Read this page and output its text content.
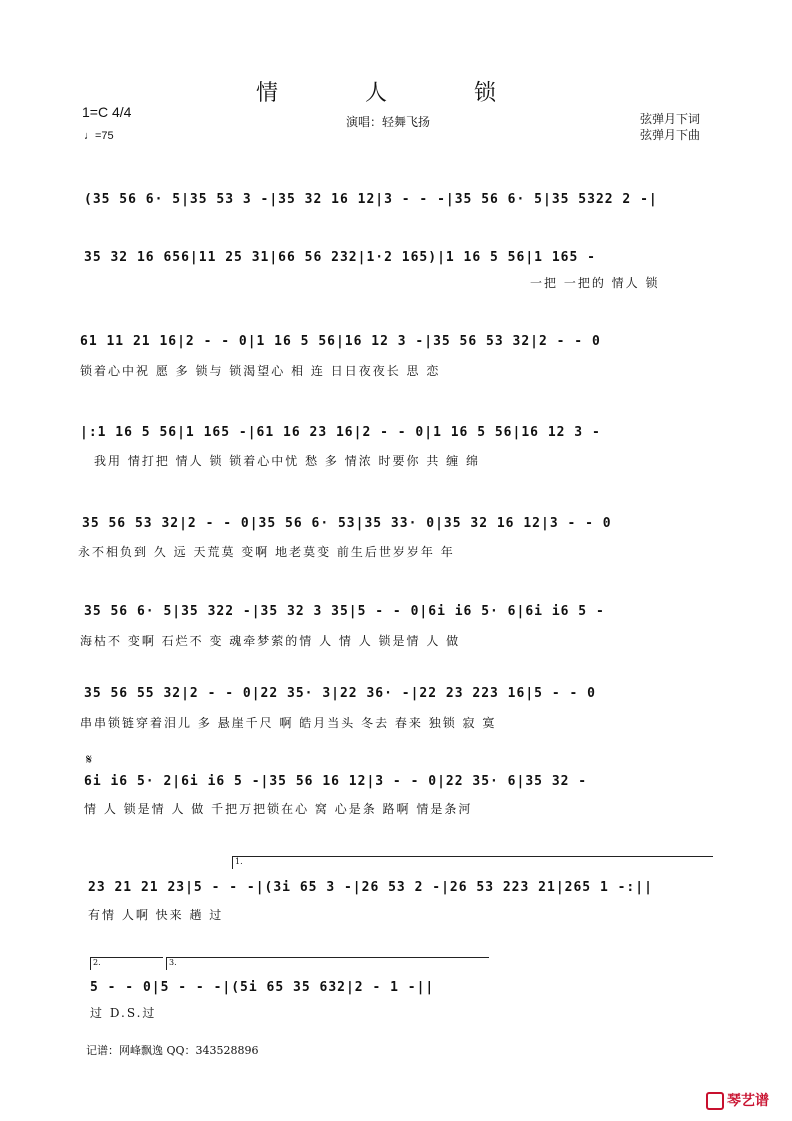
情 人 锁
1=C 4/4
♩=75
演唱：轻舞飞扬	弦弹月下词
弦弹月下曲
(35 56 6· 5|35 53 3 -|35 32 16 12|3 - - -|35 56 6· 5|35 5322 2 -|
35 32 16 656|11 25 31|66 56 232|1·2 165)|1 16 5 56|1 165 -
一把 一把的 情人 锁
61 11 21 16|2 - - 0|1 16 5 56|16 12 3 -|35 56 53 32|2 - - 0
锁着心中祝 愿 多 锁与 锁渴望心 相 连 日日夜夜长 思 恋
|:1 16 5 56|1 165 -|61 16 23 16|2 - - 0|1 16 5 56|16 12 3 -
我用 情打把 情人 锁 锁着心中忧 愁 多 情浓 时要你 共 缠 绵
35 56 53 32|2 - - 0|35 56 6· 53|35 33· 0|35 32 16 12|3 - - 0
永不相负到 久 远 天荒莫 变啊 地老莫变 前生后世岁岁年 年
35 56 6· 5|35 322 -|35 32 3 35|5 - - 0|6i i6 5· 6|6i i6 5 -
海枯不 变啊 石烂不 变 魂牵梦萦的情 人 情 人 锁是情 人 做
35 56 55 32|2 - - 0|22 35· 3|22 36· -|22 23 223 16|5 - - 0
串串锁链穿着泪儿 多 悬崖千尺 啊 皓月当头 冬去 春来 独锁 寂 寞
𝄋
6i i6 5· 2|6i i6 5 -|35 56 16 12|3 - - 0|22 35· 6|35 32 -
情 人 锁是情 人 做 千把万把锁在心 窝 心是条 路啊 情是条河
1.
23 21 21 23|5 - - -|(3i 65 3 -|26 53 2 -|26 53 223 21|265 1 -:||
有情 人啊 快来 趟 过
2.	3.
5 - - 0|5 - - -|(5i 65 35 632|2 - 1 -||
过 D.S.过
记谱：网峰飘逸 QQ：343528896
琴艺谱
